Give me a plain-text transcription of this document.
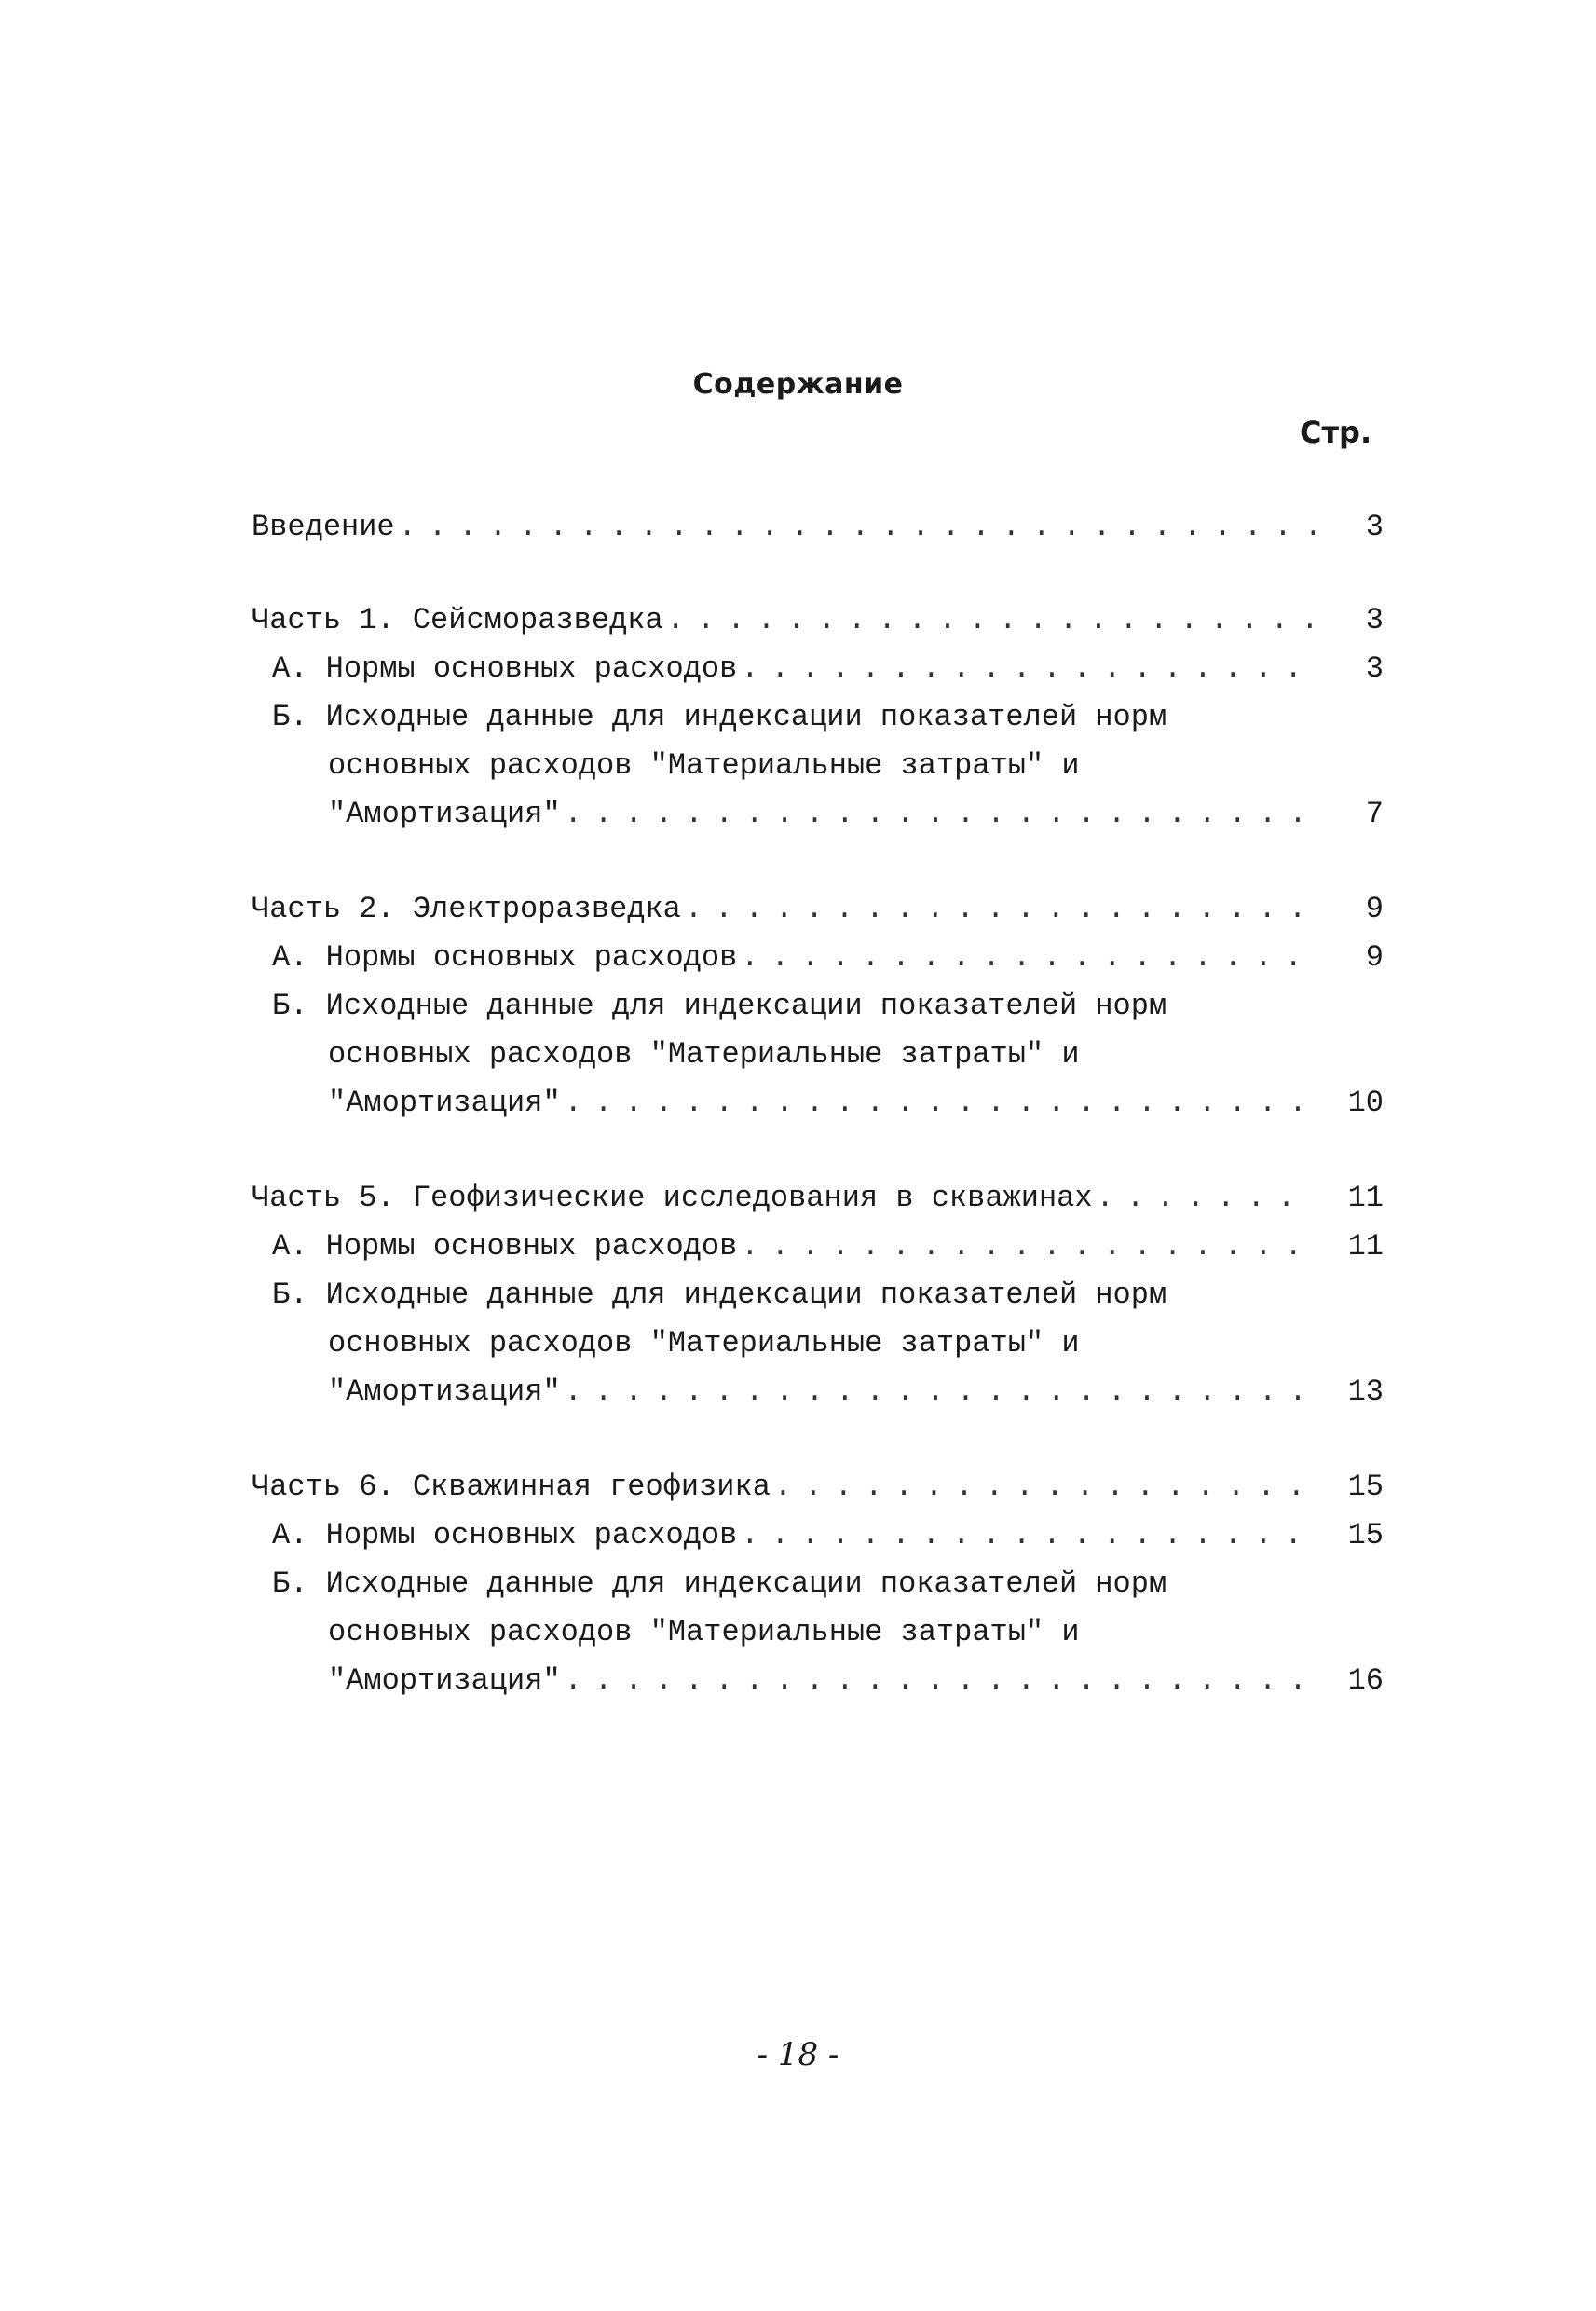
Содержание
Стр.
Введение . . .	3
Часть 1. Сейсморазведка . . .	3
А. Нормы основных расходов . . .	3
Б. Исходные данные для индексации показателей норм
основных расходов "Материальные затраты" и
"Амортизация" . . .	7
Часть 2. Электроразведка . . .	9
А. Нормы основных расходов . . .	9
Б. Исходные данные для индексации показателей норм
основных расходов "Материальные затраты" и
"Амортизация" . . .	10
Часть 5. Геофизические исследования в скважинах . . .	11
А. Нормы основных расходов . . .	11
Б. Исходные данные для индексации показателей норм
основных расходов "Материальные затраты" и
"Амортизация" . . .	13
Часть 6. Скважинная геофизика . . .	15
А. Нормы основных расходов . . .	15
Б. Исходные данные для индексации показателей норм
основных расходов "Материальные затраты" и
"Амортизация" . . .	16
- 18 -
